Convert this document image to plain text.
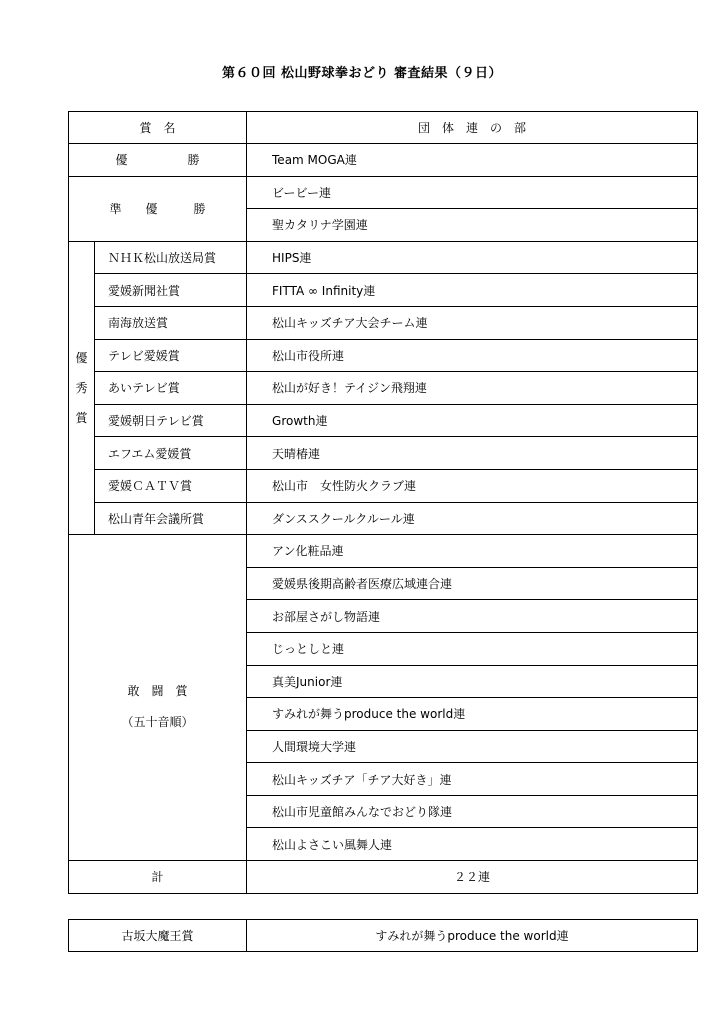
第６０回 松山野球拳おどり 審査結果（９日）
賞　名		団　体　連　の　部
優　　　　　勝		Team MOGA連
準　　優　　　勝		ビービー連
		聖カタリナ学園連

優
秀
賞	ＮＨＫ松山放送局賞	HIPS連
	愛媛新聞社賞	FITTA ∞ Infinity連
	南海放送賞	松山キッズチア大会チーム連
	テレビ愛媛賞	松山市役所連
	あいテレビ賞	松山が好き！テイジン飛翔連
	愛媛朝日テレビ賞	Growth連
	エフエム愛媛賞	天晴椿連
	愛媛ＣＡＴＶ賞	松山市　女性防火クラブ連
	松山青年会議所賞	ダンススクールクルール連

敢　闘　賞
（五十音順）		アン化粧品連
		愛媛県後期高齢者医療広域連合連
		お部屋さがし物語連
		じっとしと連
		真美Junior連
		すみれが舞うproduce the world連
		人間環境大学連
		松山キッズチア「チア大好き」連
		松山市児童館みんなでおどり隊連
		松山よさこい風舞人連
計		２２連
古坂大魔王賞	すみれが舞うproduce the world連
